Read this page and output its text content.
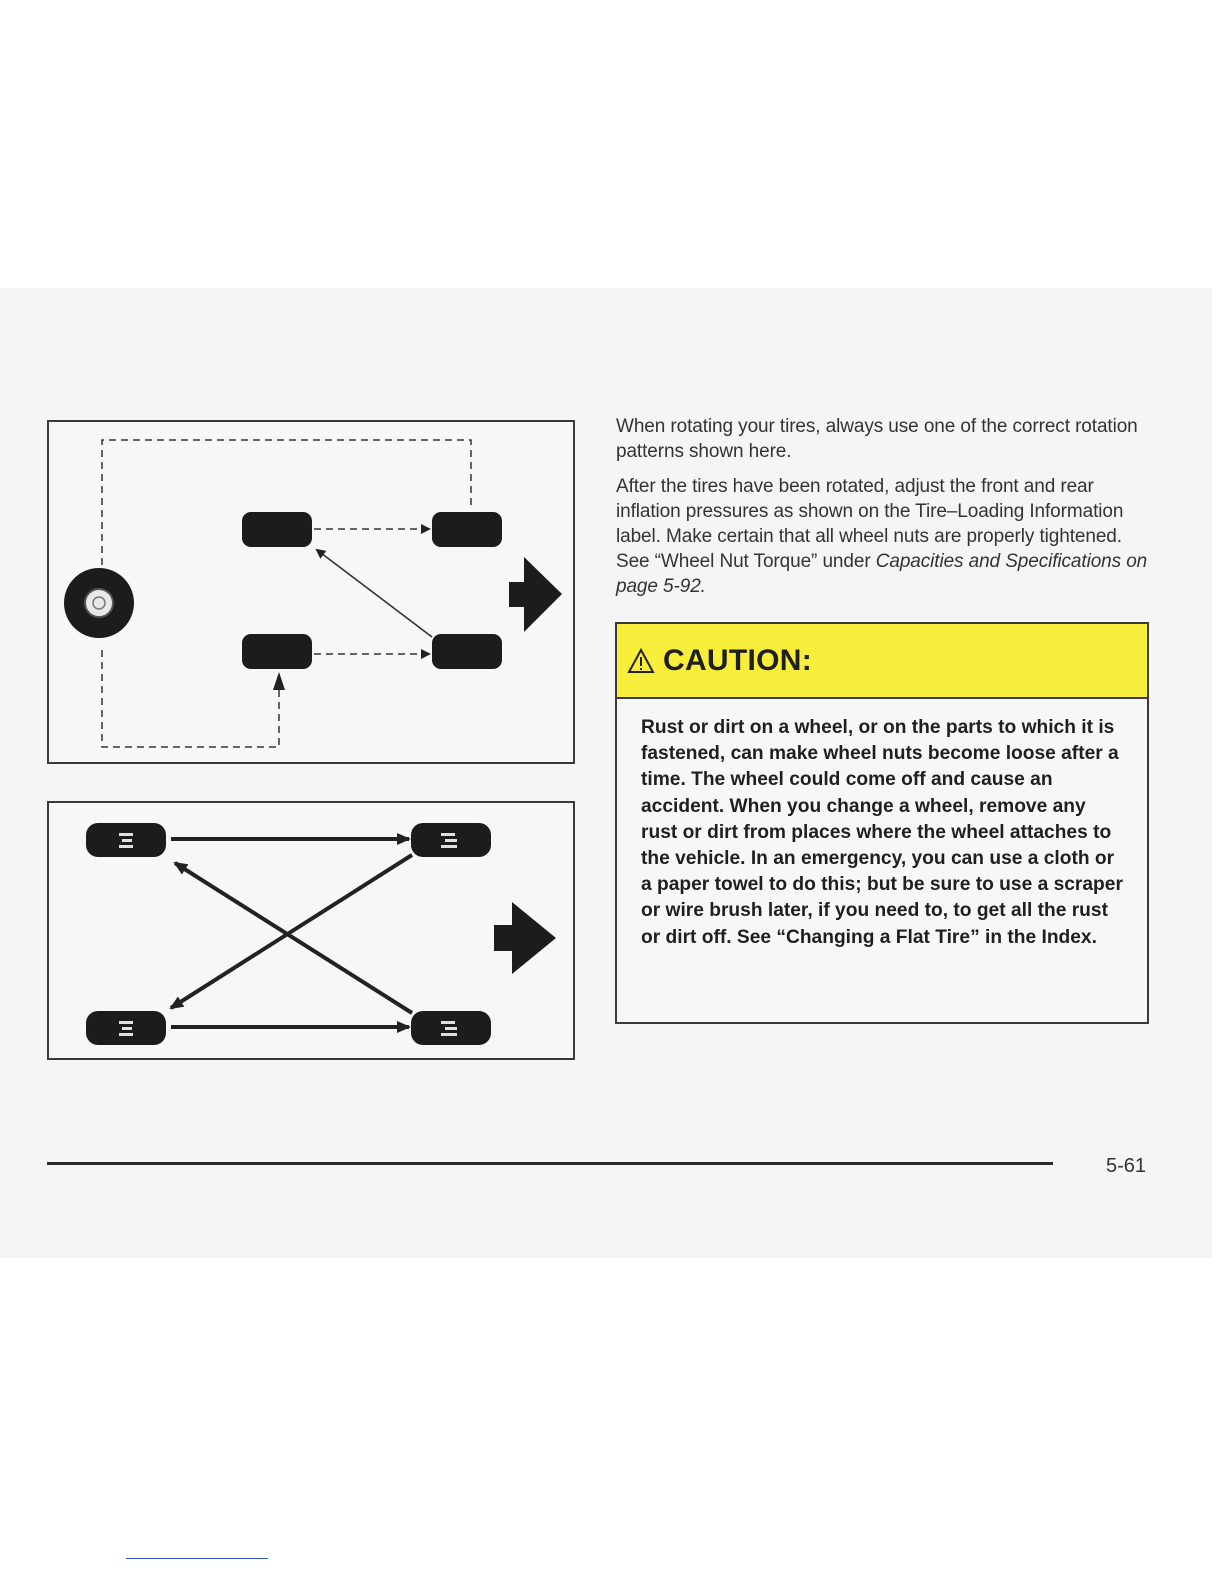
When rotating your tires, always use one of the correct rotation patterns shown here.

After the tires have been rotated, adjust the front and rear inflation pressures as shown on the Tire–Loading Information label. Make certain that all wheel nuts are properly tightened. See “Wheel Nut Torque” under Capacities and Specifications on page 5-92.

CAUTION:
Rust or dirt on a wheel, or on the parts to which it is fastened, can make wheel nuts become loose after a time. The wheel could come off and cause an accident. When you change a wheel, remove any rust or dirt from places where the wheel attaches to the vehicle. In an emergency, you can use a cloth or a paper towel to do this; but be sure to use a scraper or wire brush later, if you need to, to get all the rust or dirt off. See “Changing a Flat Tire” in the Index.
5-61
